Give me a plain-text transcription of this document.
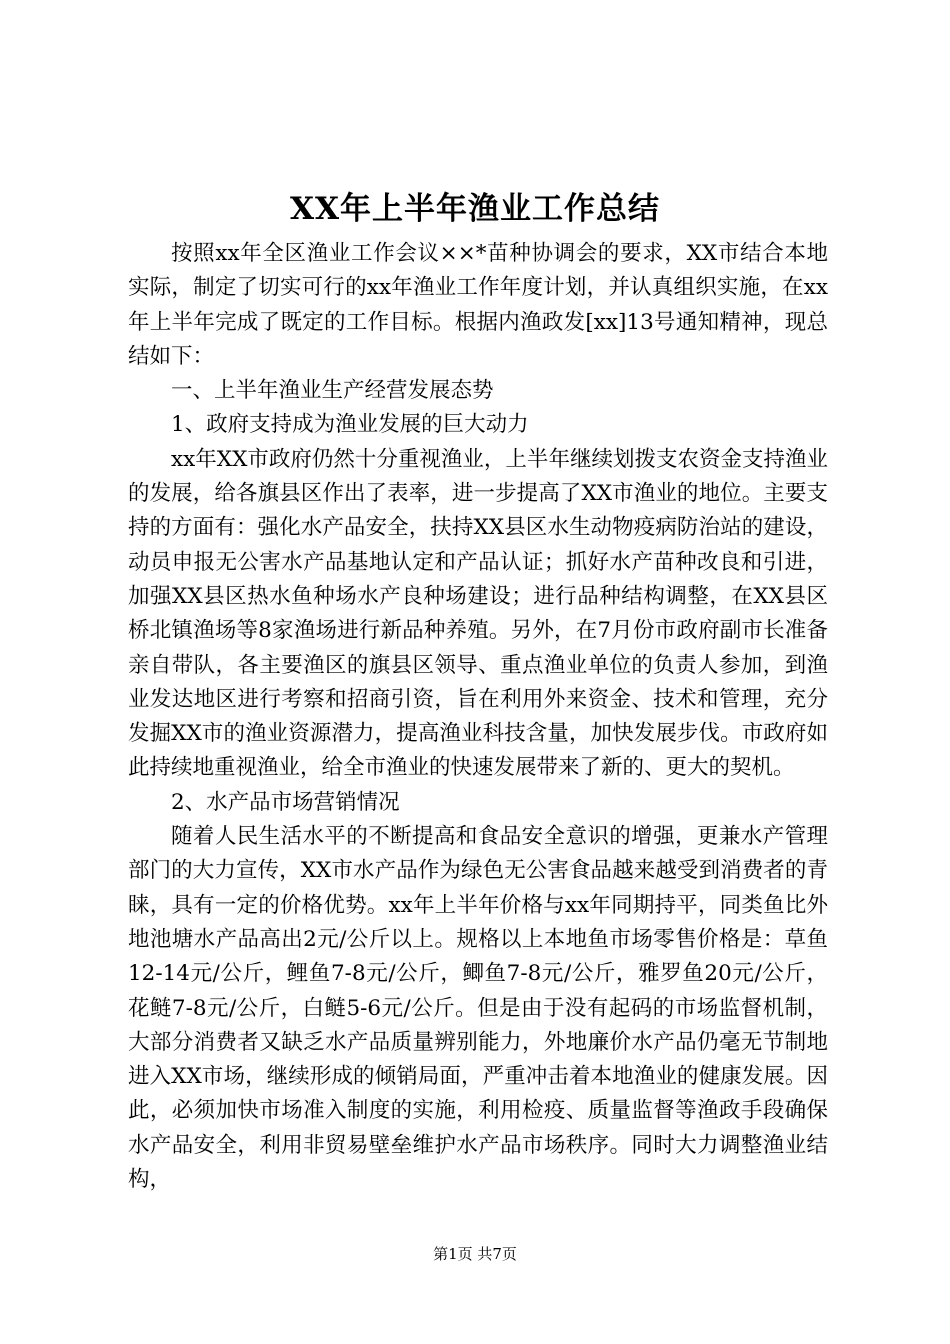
XX年上半年渔业工作总结

按照xx年全区渔业工作会议××*苗种协调会的要求，XX市结合本地实际，制定了切实可行的xx年渔业工作年度计划，并认真组织实施，在xx年上半年完成了既定的工作目标。根据内渔政发[xx]13号通知精神，现总结如下：

一、上半年渔业生产经营发展态势

1、政府支持成为渔业发展的巨大动力

xx年XX市政府仍然十分重视渔业，上半年继续划拨支农资金支持渔业的发展，给各旗县区作出了表率，进一步提高了XX市渔业的地位。主要支持的方面有：强化水产品安全，扶持XX县区水生动物疫病防治站的建设，动员申报无公害水产品基地认定和产品认证；抓好水产苗种改良和引进，加强XX县区热水鱼种场水产良种场建设；进行品种结构调整，在XX县区桥北镇渔场等8家渔场进行新品种养殖。另外，在7月份市政府副市长准备亲自带队，各主要渔区的旗县区领导、重点渔业单位的负责人参加，到渔业发达地区进行考察和招商引资，旨在利用外来资金、技术和管理，充分发掘XX市的渔业资源潜力，提高渔业科技含量，加快发展步伐。市政府如此持续地重视渔业，给全市渔业的快速发展带来了新的、更大的契机。

2、水产品市场营销情况

随着人民生活水平的不断提高和食品安全意识的增强，更兼水产管理部门的大力宣传，XX市水产品作为绿色无公害食品越来越受到消费者的青睐，具有一定的价格优势。xx年上半年价格与xx年同期持平，同类鱼比外地池塘水产品高出2元/公斤以上。规格以上本地鱼市场零售价格是：草鱼12-14元/公斤，鲤鱼7-8元/公斤，鲫鱼7-8元/公斤，雅罗鱼20元/公斤，花鲢7-8元/公斤，白鲢5-6元/公斤。但是由于没有起码的市场监督机制，大部分消费者又缺乏水产品质量辨别能力，外地廉价水产品仍毫无节制地进入XX市场，继续形成的倾销局面，严重冲击着本地渔业的健康发展。因此，必须加快市场准入制度的实施，利用检疫、质量监督等渔政手段确保水产品安全，利用非贸易壁垒维护水产品市场秩序。同时大力调整渔业结构，

第1页 共7页
